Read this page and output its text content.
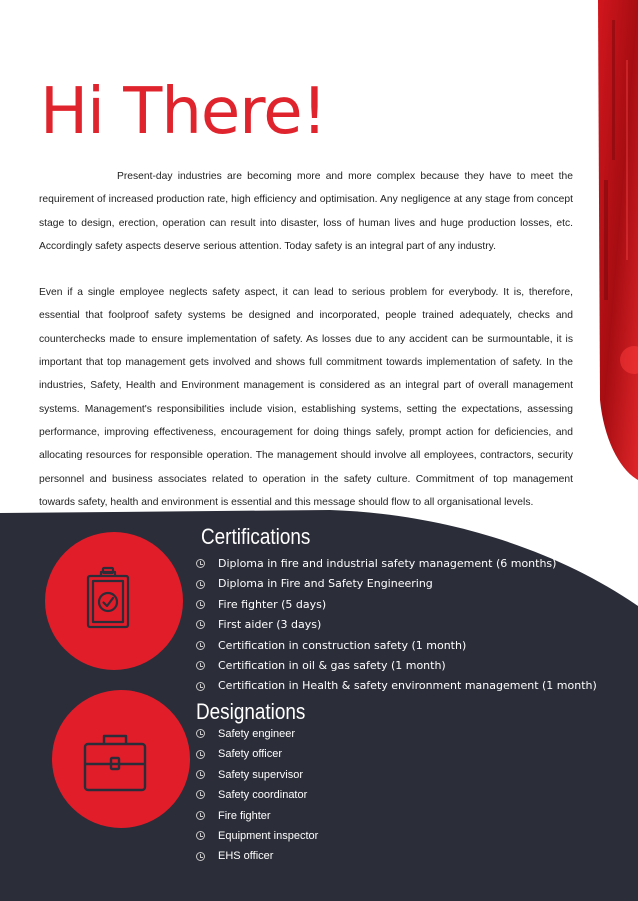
Hi There!

Present-day industries are becoming more and more complex because they have to meet the requirement of increased production rate, high efficiency and optimisation. Any negligence at any stage from concept stage to design, erection, operation can result into disaster, loss of human lives and huge production losses, etc. Accordingly safety aspects deserve serious attention. Today safety is an integral part of any industry.

Even if a single employee neglects safety aspect, it can lead to serious problem for everybody. It is, therefore, essential that foolproof safety systems be designed and incorporated, people trained adequately, checks and counterchecks made to ensure implementation of safety. As losses due to any accident can be surmountable, it is important that top management gets involved and shows full commitment towards implementation of safety. In the industries, Safety, Health and Environment management is considered as an integral part of overall management systems. Management's responsibilities include vision, establishing systems, setting the expectations, assessing performance, improving effectiveness, encouragement for doing things safely, prompt action for deficiencies, and allocating resources for responsible operation. The management should involve all employees, contractors, security personnel and business associates related to operation in the safety culture. Commitment of top management towards safety, health and environment is essential and this message should flow to all organisational levels.

Certifications
Diploma in fire and industrial safety management (6 months)
Diploma in Fire and Safety Engineering
Fire fighter (5 days)
First aider (3 days)
Certification in construction safety (1 month)
Certification in oil & gas safety (1 month)
Certification in Health & safety environment management (1 month)
Designations
Safety engineer
Safety officer
Safety supervisor
Safety coordinator
Fire fighter
Equipment inspector
EHS officer
